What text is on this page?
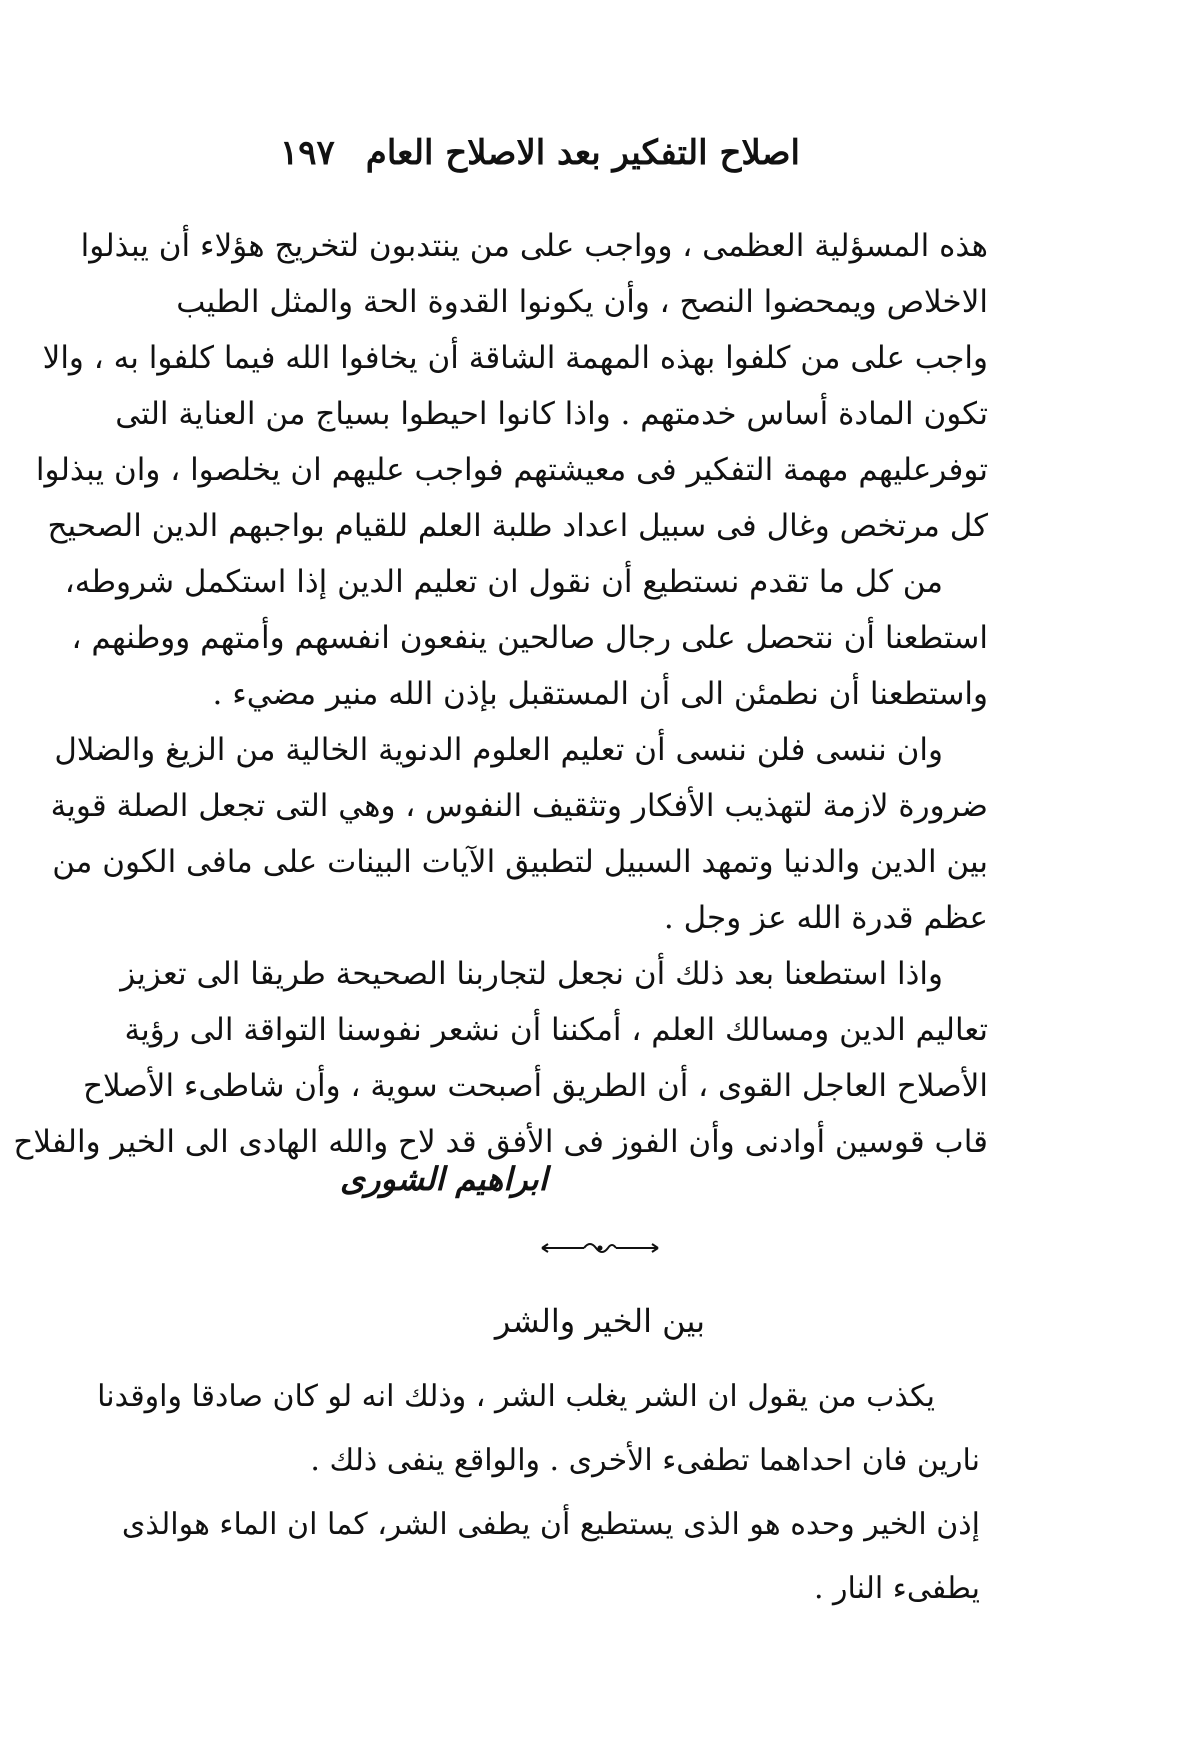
اصلاح التفكير بعد الاصلاح العام
١٩٧
هذه المسؤلية العظمى ، وواجب على من ينتدبون لتخريج هؤلاء أن يبذلوا
الاخلاص ويمحضوا النصح ، وأن يكونوا القدوة الحة والمثل الطيب
واجب على من كلفوا بهذه المهمة الشاقة أن يخافوا الله فيما كلفوا به ، والا
تكون المادة أساس خدمتهم . واذا كانوا احيطوا بسياج من العناية التى
توفرعليهم مهمة التفكير فى معيشتهم فواجب عليهم ان يخلصوا ، وان يبذلوا
كل مرتخص وغال فى سبيل اعداد طلبة العلم للقيام بواجبهم الدين الصحيح
من كل ما تقدم نستطيع أن نقول ان تعليم الدين إذا استكمل شروطه،
استطعنا أن نتحصل على رجال صالحين ينفعون انفسهم وأمتهم ووطنهم ،
واستطعنا أن نطمئن الى أن المستقبل بإذن الله منير مضيء .
وان ننسى فلن ننسى أن تعليم العلوم الدنوية الخالية من الزيغ والضلال
ضرورة لازمة لتهذيب الأفكار وتثقيف النفوس ، وهي التى تجعل الصلة قوية
بين الدين والدنيا وتمهد السبيل لتطبيق الآيات البينات على مافى الكون من
عظم قدرة الله عز وجل .
واذا استطعنا بعد ذلك أن نجعل لتجاربنا الصحيحة طريقا الى تعزيز
تعاليم الدين ومسالك العلم ، أمكننا أن نشعر نفوسنا التواقة الى رؤية
الأصلاح العاجل القوى ، أن الطريق أصبحت سوية ، وأن شاطىء الأصلاح
قاب قوسين أوادنى وأن الفوز فى الأفق قد لاح والله الهادى الى الخير والفلاح
ابراهيم الشورى
بين الخير والشر
يكذب من يقول ان الشر يغلب الشر ، وذلك انه لو كان صادقا واوقدنا
نارين فان احداهما تطفىء الأخرى . والواقع ينفى ذلك .
إذن الخير وحده هو الذى يستطيع أن يطفى الشر، كما ان الماء هوالذى
يطفىء النار .
